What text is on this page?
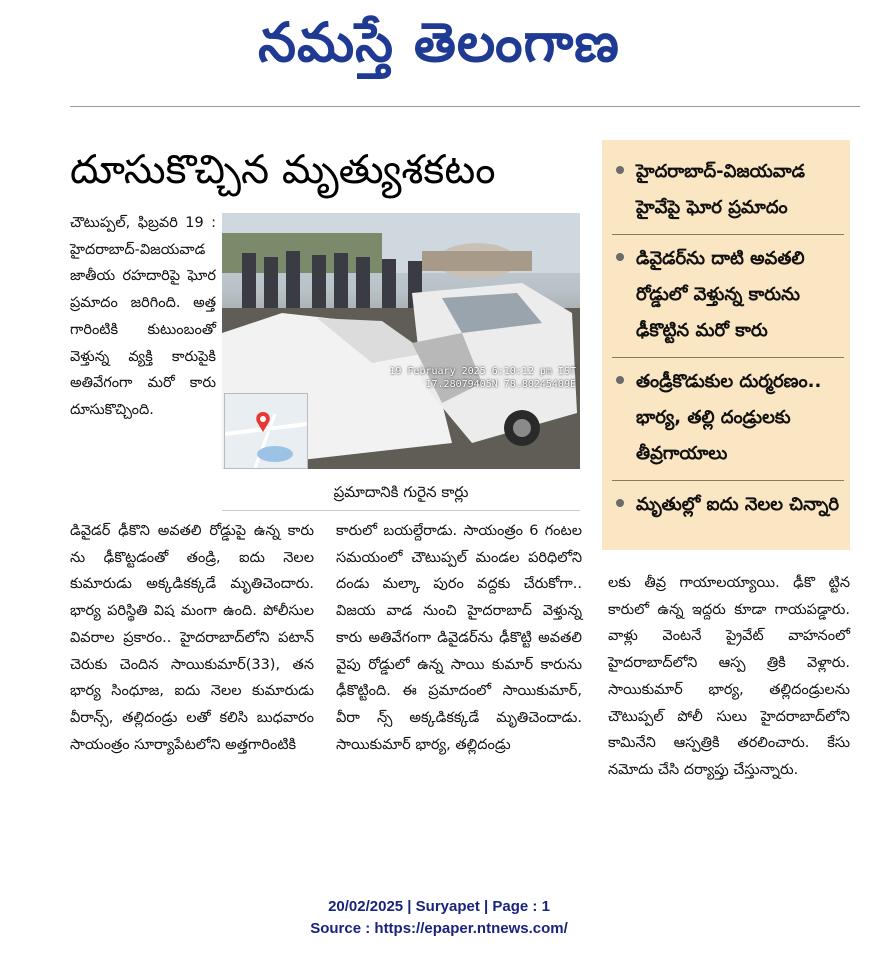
నమస్తే తెలంగాణ
దూసుకొచ్చిన మృత్యుశకటం	హైదరాబాద్-విజయవాడ హైవేపై ఘోర ప్రమాదం
డివైడర్‌ను దాటి అవతలి రోడ్డులో వెళ్తున్న కారును ఢీకొట్టిన మరో కారు
తండ్రీకొడుకుల దుర్మరణం.. భార్య, తల్లి దండ్రులకు తీవ్రగాయాలు
మృతుల్లో ఐదు నెలల చిన్నారి

చౌటుప్పల్, ఫిబ్రవరి 19 : హైదరాబాద్-విజయవాడ జాతీయ రహదారిపై ఘోర ప్రమాదం జరిగింది. అత్త గారింటికి కుటుంబంతో వెళ్తున్న వ్యక్తి కారుపైకి అతివేగంగా మరో కారు దూసుకొచ్చింది.

19 February 2025 6:10:12 pm IST
17.28079405N 78.80245409E
ప్రమాదానికి గురైన కార్లు

డివైడర్ ఢీకొని అవతలి రోడ్డుపై ఉన్న కారు ను ఢీకొట్టడంతో తండ్రి, ఐదు నెలల కుమారుడు అక్కడికక్కడే మృతిచెందారు. భార్య పరిస్థితి విష మంగా ఉంది. పోలీసుల వివరాల ప్రకారం.. హైదరాబాద్‌లోని పటాన్ చెరుకు చెందిన సాయికుమార్(33), తన భార్య సింధూజ, ఐదు నెలల కుమారుడు వీరాన్స్, తల్లిదండ్రు లతో కలిసి బుధవారం సాయంత్రం సూర్యాపేటలోని అత్తగారింటికి

కారులో బయల్దేరాడు. సాయంత్రం 6 గంటల సమయంలో చౌటుప్పల్ మండల పరిధిలోని దండు మల్కా పురం వద్దకు చేరుకోగా.. విజయ వాడ నుంచి హైదరాబాద్ వెళ్తున్న కారు అతివేగంగా డివైడర్‌ను ఢీకొట్టి అవతలి వైపు రోడ్డులో ఉన్న సాయి కుమార్ కారును ఢీకొట్టింది. ఈ ప్రమాదంలో సాయికుమార్, వీరా న్స్ అక్కడికక్కడే మృతిచెందాడు. సాయికుమార్ భార్య, తల్లిదండ్రు

లకు తీవ్ర గాయాలయ్యాయి. ఢీకొ ట్టిన కారులో ఉన్న ఇద్దరు కూడా గాయపడ్డారు. వాళ్లు వెంటనే ప్రైవేట్ వాహనంలో హైదరాబాద్‌లోని ఆస్ప త్రికి వెళ్లారు. సాయికుమార్ భార్య, తల్లిదండ్రులను చౌటుప్పల్ పోలీ సులు హైదరాబాద్‌లోని కామినేని ఆస్పత్రికి తరలించారు. కేసు నమోదు చేసి దర్యాప్తు చేస్తున్నారు.

20/02/2025 | Suryapet | Page : 1
Source : https://epaper.ntnews.com/
